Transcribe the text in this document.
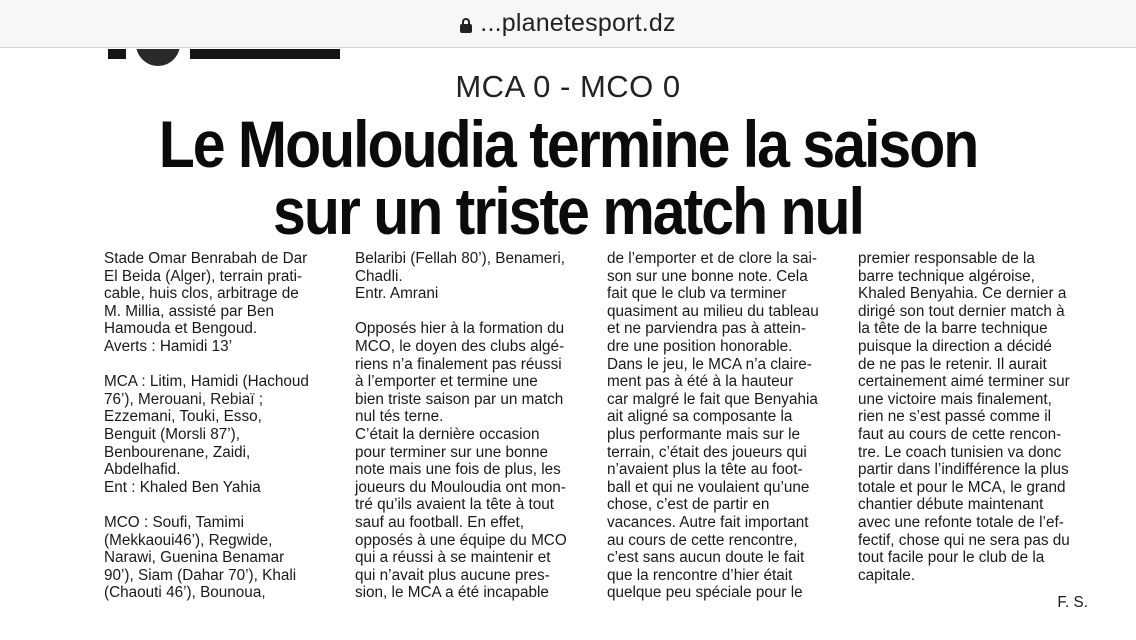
...planetesport.dz
MCA 0 - MCO 0
Le Mouloudia termine la saison
sur un triste match nul

Stade Omar Benrabah de Dar

El Beida (Alger), terrain prati-

cable, huis clos, arbitrage de

M. Millia, assisté par Ben

Hamouda et Bengoud.

Averts : Hamidi 13’

MCA : Litim, Hamidi (Hachoud

76’), Merouani, Rebiaï ;

Ezzemani, Touki, Esso,

Benguit (Morsli 87’),

Benbourenane, Zaidi,

Abdelhafid.

Ent : Khaled Ben Yahia

MCO : Soufi, Tamimi

(Mekkaoui46’), Regwide,

Narawi, Guenina Benamar

90’), Siam (Dahar 70’), Khali

(Chaouti 46’), Bounoua,

Belaribi (Fellah 80’), Benameri,

Chadli.

Entr. Amrani

Opposés hier à la formation du

MCO, le doyen des clubs algé-

riens n’a finalement pas réussi

à l’emporter et termine une

bien triste saison par un match

nul tés terne.

C’était la dernière occasion

pour terminer sur une bonne

note mais une fois de plus, les

joueurs du Mouloudia ont mon-

tré qu’ils avaient la tête à tout

sauf au football. En effet,

opposés à une équipe du MCO

qui a réussi à se maintenir et

qui n’avait plus aucune pres-

sion, le MCA a été incapable

de l’emporter et de clore la sai-

son sur une bonne note. Cela

fait que le club va terminer

quasiment au milieu du tableau

et ne parviendra pas à attein-

dre une position honorable.

Dans le jeu, le MCA n’a claire-

ment pas à été à la hauteur

car malgré le fait que Benyahia

ait aligné sa composante la

plus performante mais sur le

terrain, c’était des joueurs qui

n’avaient plus la tête au foot-

ball et qui ne voulaient qu’une

chose, c’est de partir en

vacances. Autre fait important

au cours de cette rencontre,

c’est sans aucun doute le fait

que la rencontre d’hier était

quelque peu spéciale pour le

premier responsable de la

barre technique algéroise,

Khaled Benyahia. Ce dernier a

dirigé son tout dernier match à

la tête de la barre technique

puisque la direction a décidé

de ne pas le retenir. Il aurait

certainement aimé terminer sur

une victoire mais finalement,

rien ne s’est passé comme il

faut au cours de cette rencon-

tre. Le coach tunisien va donc

partir dans l’indifférence la plus

totale et pour le MCA, le grand

chantier débute maintenant

avec une refonte totale de l’ef-

fectif, chose qui ne sera pas du

tout facile pour le club de la

capitale.

F. S.
